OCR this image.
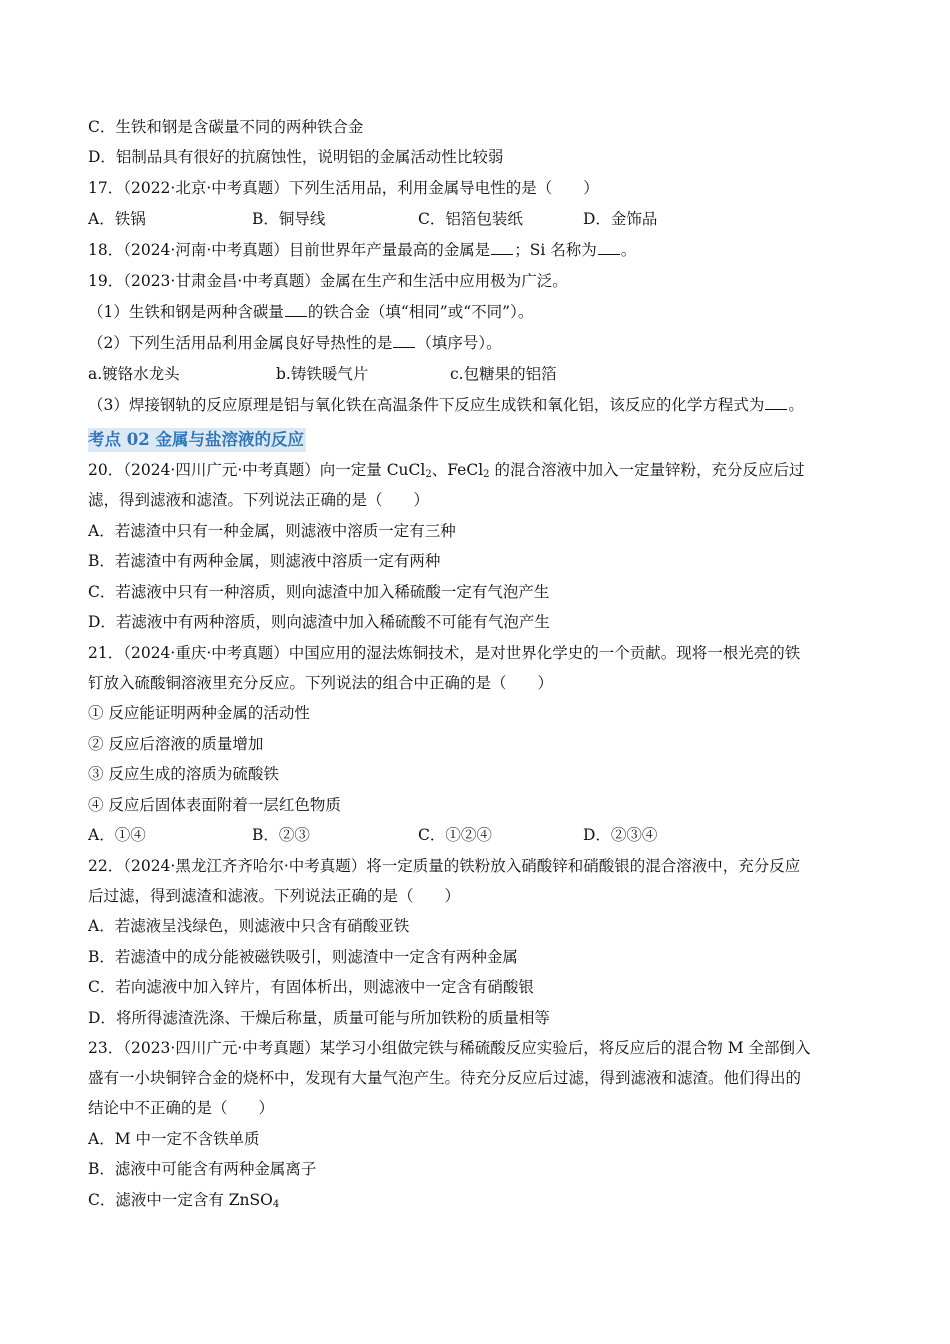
C．生铁和钢是含碳量不同的两种铁合金
D．铝制品具有很好的抗腐蚀性，说明铝的金属活动性比较弱
17．（2022·北京·中考真题）下列生活用品，利用金属导电性的是（　　）
A．铁锅	B．铜导线	C．铝箔包装纸	D．金饰品
18．（2024·河南·中考真题）目前世界年产量最高的金属是 ；Si 名称为 。
19．（2023·甘肃金昌·中考真题）金属在生产和生活中应用极为广泛。
（1）生铁和钢是两种含碳量 的铁合金（填“相同”或“不同”）。
（2）下列生活用品利用金属良好导热性的是 （填序号）。
a.镀铬水龙头	b.铸铁暖气片	c.包糖果的铝箔
（3）焊接钢轨的反应原理是铝与氧化铁在高温条件下反应生成铁和氧化铝，该反应的化学方程式为 。
考点 02 金属与盐溶液的反应
20．（2024·四川广元·中考真题）向一定量 CuCl$_2$、FeCl$_2$ 的混合溶液中加入一定量锌粉，充分反应后过
滤，得到滤液和滤渣。下列说法正确的是（　　）
A．若滤渣中只有一种金属，则滤液中溶质一定有三种
B．若滤渣中有两种金属，则滤液中溶质一定有两种
C．若滤液中只有一种溶质，则向滤渣中加入稀硫酸一定有气泡产生
D．若滤液中有两种溶质，则向滤渣中加入稀硫酸不可能有气泡产生
21．（2024·重庆·中考真题）中国应用的湿法炼铜技术，是对世界化学史的一个贡献。现将一根光亮的铁
钉放入硫酸铜溶液里充分反应。下列说法的组合中正确的是（　　）
① 反应能证明两种金属的活动性
② 反应后溶液的质量增加
③ 反应生成的溶质为硫酸铁
④ 反应后固体表面附着一层红色物质
A．①④	B．②③	C．①②④	D．②③④
22．（2024·黑龙江齐齐哈尔·中考真题）将一定质量的铁粉放入硝酸锌和硝酸银的混合溶液中，充分反应
后过滤，得到滤渣和滤液。下列说法正确的是（　　）
A．若滤液呈浅绿色，则滤液中只含有硝酸亚铁
B．若滤渣中的成分能被磁铁吸引，则滤渣中一定含有两种金属
C．若向滤液中加入锌片，有固体析出，则滤液中一定含有硝酸银
D．将所得滤渣洗涤、干燥后称量，质量可能与所加铁粉的质量相等
23．（2023·四川广元·中考真题）某学习小组做完铁与稀硫酸反应实验后，将反应后的混合物 M 全部倒入
盛有一小块铜锌合金的烧杯中，发现有大量气泡产生。待充分反应后过滤，得到滤液和滤渣。他们得出的
结论中不正确的是（　　）
A．M 中一定不含铁单质
B．滤液中可能含有两种金属离子
C．滤液中一定含有 ZnSO$_4$
